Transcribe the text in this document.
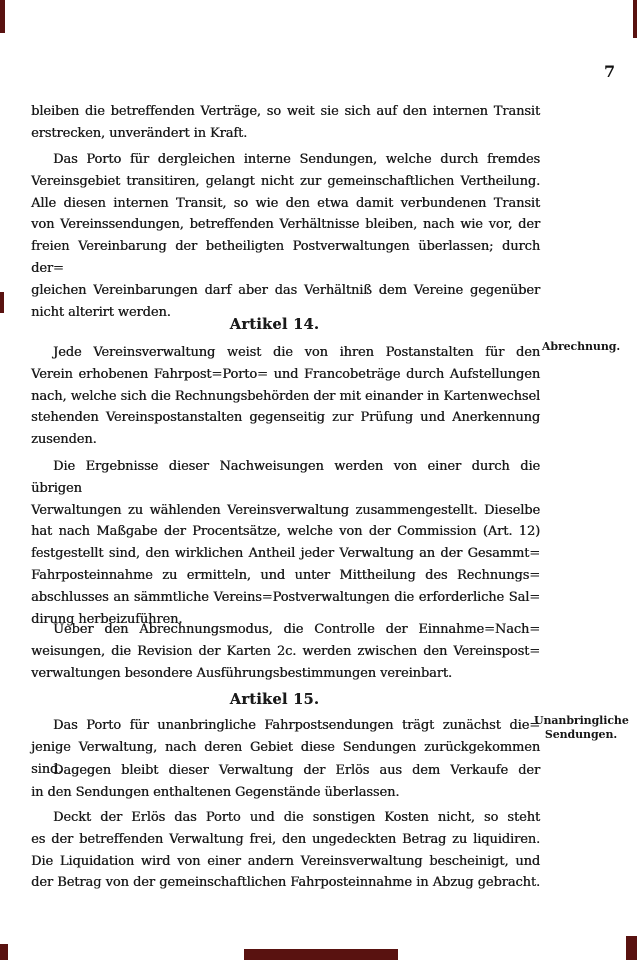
7
bleiben die betreffenden Verträge, so weit sie sich auf den internen Transit
erstrecken, unverändert in Kraft.
Das Porto für dergleichen interne Sendungen, welche durch fremdes
Vereinsgebiet transitiren, gelangt nicht zur gemeinschaftlichen Vertheilung.
Alle diesen internen Transit, so wie den etwa damit verbundenen Transit
von Vereinssendungen, betreffenden Verhältnisse bleiben, nach wie vor, der
freien Vereinbarung der betheiligten Postverwaltungen überlassen; durch der=
gleichen Vereinbarungen darf aber das Verhältniß dem Vereine gegenüber
nicht alterirt werden.
Artikel 14.
Jede Vereinsverwaltung weist die von ihren Postanstalten für den
Verein erhobenen Fahrpost=Porto= und Francobeträge durch Aufstellungen
nach, welche sich die Rechnungsbehörden der mit einander in Kartenwechsel
stehenden Vereinspostanstalten gegenseitig zur Prüfung und Anerkennung
zusenden.
Die Ergebnisse dieser Nachweisungen werden von einer durch die übrigen
Verwaltungen zu wählenden Vereinsverwaltung zusammengestellt. Dieselbe
hat nach Maßgabe der Procentsätze, welche von der Commission (Art. 12)
festgestellt sind, den wirklichen Antheil jeder Verwaltung an der Gesammt=
Fahrposteinnahme zu ermitteln, und unter Mittheilung des Rechnungs=
abschlusses an sämmtliche Vereins=Postverwaltungen die erforderliche Sal=
dirung herbeizuführen.
Ueber den Abrechnungsmodus, die Controlle der Einnahme=Nach=
weisungen, die Revision der Karten 2c. werden zwischen den Vereinspost=
verwaltungen besondere Ausführungsbestimmungen vereinbart.
Artikel 15.
Das Porto für unanbringliche Fahrpostsendungen trägt zunächst die=
jenige Verwaltung, nach deren Gebiet diese Sendungen zurückgekommen sind.
Dagegen bleibt dieser Verwaltung der Erlös aus dem Verkaufe der
in den Sendungen enthaltenen Gegenstände überlassen.
Deckt der Erlös das Porto und die sonstigen Kosten nicht, so steht
es der betreffenden Verwaltung frei, den ungedeckten Betrag zu liquidiren.
Die Liquidation wird von einer andern Vereinsverwaltung bescheinigt, und
der Betrag von der gemeinschaftlichen Fahrposteinnahme in Abzug gebracht.
Abrechnung.
Unanbringliche
Sendungen.
